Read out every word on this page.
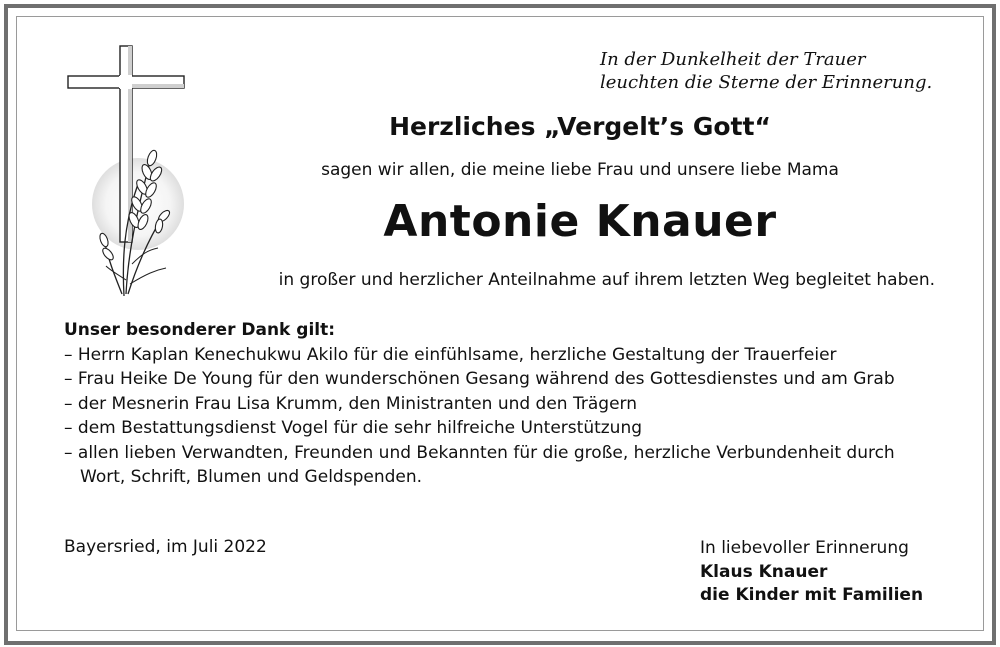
In der Dunkelheit der Trauer
leuchten die Sterne der Erinnerung.
Herzliches „Vergelt’s Gott“
sagen wir allen, die meine liebe Frau und unsere liebe Mama
Antonie Knauer
in großer und herzlicher Anteilnahme auf ihrem letzten Weg begleitet haben.
Unser besonderer Dank gilt:
– Herrn Kaplan Kenechukwu Akilo für die einfühlsame, herzliche Gestaltung der Trauerfeier
– Frau Heike De Young für den wunderschönen Gesang während des Gottesdienstes und am Grab
– der Mesnerin Frau Lisa Krumm, den Ministranten und den Trägern
– dem Bestattungsdienst Vogel für die sehr hilfreiche Unterstützung
– allen lieben Verwandten, Freunden und Bekannten für die große, herzliche Verbundenheit durch Wort, Schrift, Blumen und Geldspenden.
Bayersried, im Juli 2022	In liebevoller Erinnerung
Klaus Knauer
die Kinder mit Familien
